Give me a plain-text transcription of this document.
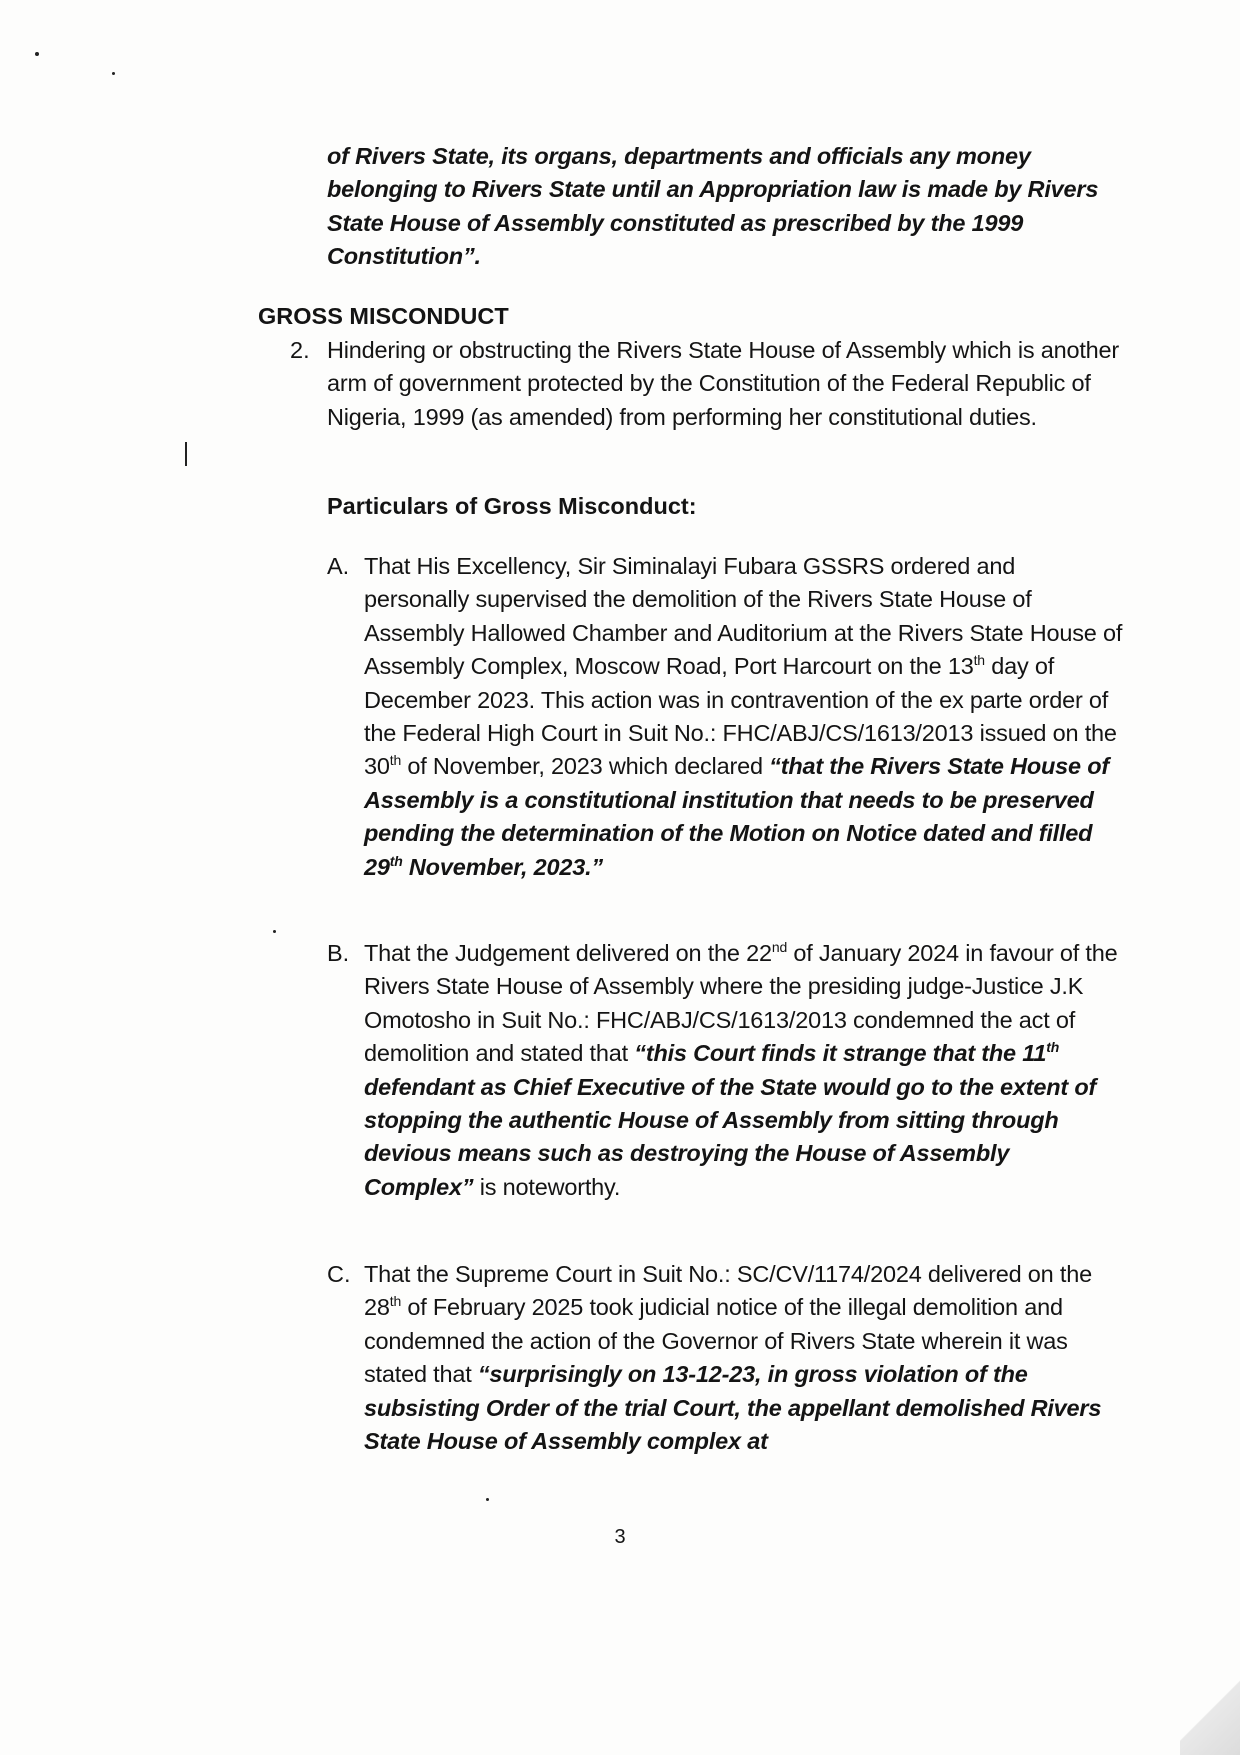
of Rivers State, its organs, departments and officials any money belonging to Rivers State until an Appropriation law is made by Rivers State House of Assembly constituted as prescribed by the 1999 Constitution”.
GROSS MISCONDUCT
2. Hindering or obstructing the Rivers State House of Assembly which is another arm of government protected by the Constitution of the Federal Republic of Nigeria, 1999 (as amended) from performing her constitutional duties.
Particulars of Gross Misconduct:
A. That His Excellency, Sir Siminalayi Fubara GSSRS ordered and personally supervised the demolition of the Rivers State House of Assembly Hallowed Chamber and Auditorium at the Rivers State House of Assembly Complex, Moscow Road, Port Harcourt on the 13th day of December 2023. This action was in contravention of the ex parte order of the Federal High Court in Suit No.: FHC/ABJ/CS/1613/2013 issued on the 30th of November, 2023 which declared “that the Rivers State House of Assembly is a constitutional institution that needs to be preserved pending the determination of the Motion on Notice dated and filled 29th November, 2023.”
B. That the Judgement delivered on the 22nd of January 2024 in favour of the Rivers State House of Assembly where the presiding judge-Justice J.K Omotosho in Suit No.: FHC/ABJ/CS/1613/2013 condemned the act of demolition and stated that “this Court finds it strange that the 11th defendant as Chief Executive of the State would go to the extent of stopping the authentic House of Assembly from sitting through devious means such as destroying the House of Assembly Complex” is noteworthy.
C. That the Supreme Court in Suit No.: SC/CV/1174/2024 delivered on the 28th of February 2025 took judicial notice of the illegal demolition and condemned the action of the Governor of Rivers State wherein it was stated that “surprisingly on 13-12-23, in gross violation of the subsisting Order of the trial Court, the appellant demolished Rivers State House of Assembly complex at
3
